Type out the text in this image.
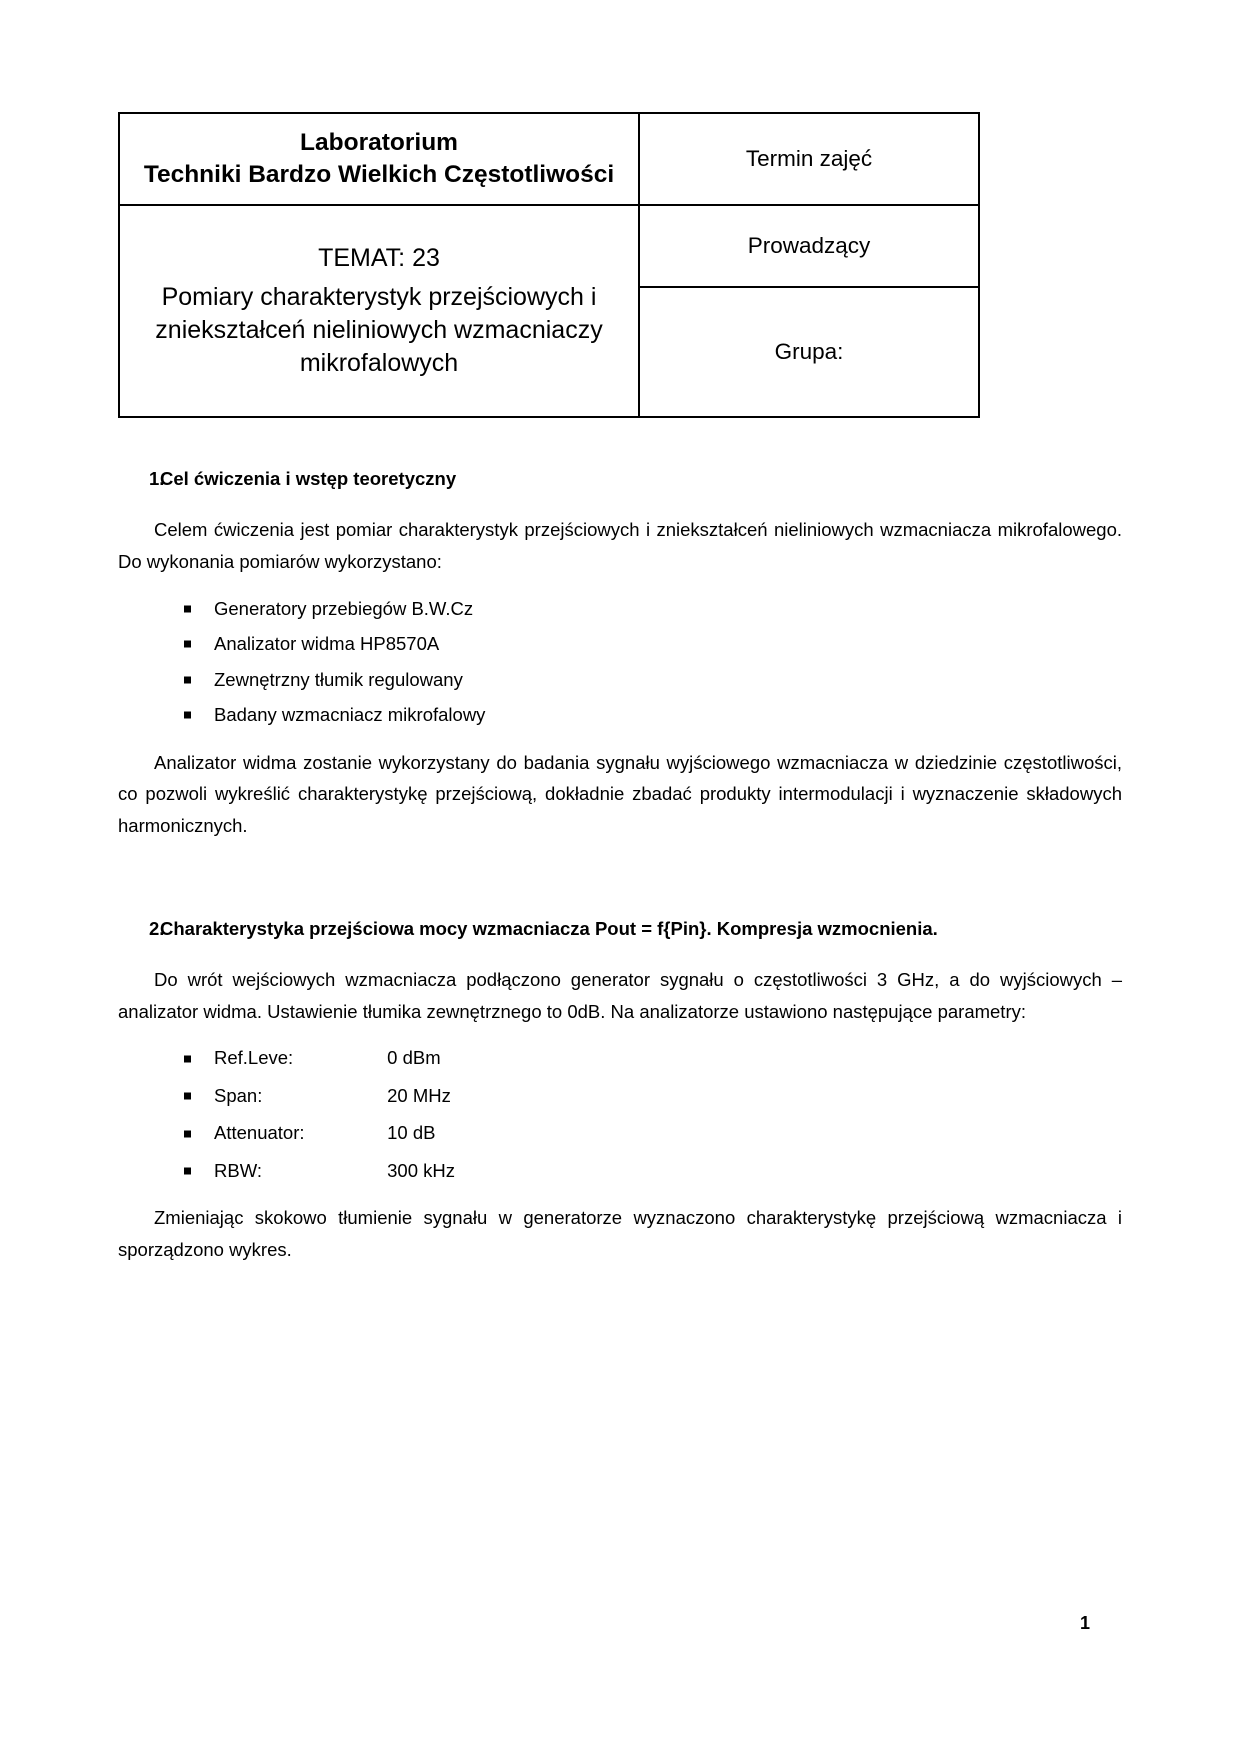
Laboratorium
Techniki Bardzo Wielkich Częstotliwości	Termin zajęć

TEMAT: 23
Pomiary charakterystyk przejściowych i
zniekształceń nieliniowych wzmacniaczy
mikrofalowych	Prowadzący
	Grupa:
1.
Cel ćwiczenia i wstęp teoretyczny

Celem ćwiczenia jest pomiar charakterystyk przejściowych i zniekształceń nieliniowych wzmacniacza mikrofalowego. Do wykonania pomiarów wykorzystano:

Generatory przebiegów B.W.Cz
Analizator widma HP8570A
Zewnętrzny tłumik regulowany
Badany wzmacniacz mikrofalowy

Analizator widma zostanie wykorzystany do badania sygnału wyjściowego wzmacniacza w dziedzinie częstotliwości, co pozwoli wykreślić charakterystykę przejściową, dokładnie zbadać produkty intermodulacji i wyznaczenie składowych harmonicznych.

2.
Charakterystyka przejściowa mocy wzmacniacza Pout = f{Pin}. Kompresja wzmocnienia.

Do wrót wejściowych wzmacniacza podłączono generator sygnału o częstotliwości 3 GHz, a do wyjściowych – analizator widma. Ustawienie tłumika zewnętrznego to 0dB. Na analizatorze ustawiono następujące parametry:

Ref.Leve:	0 dBm
Span:	20 MHz
Attenuator:	10 dB
RBW:	300 kHz

Zmieniając skokowo tłumienie sygnału w generatorze wyznaczono charakterystykę przejściową wzmacniacza i sporządzono wykres.

1
